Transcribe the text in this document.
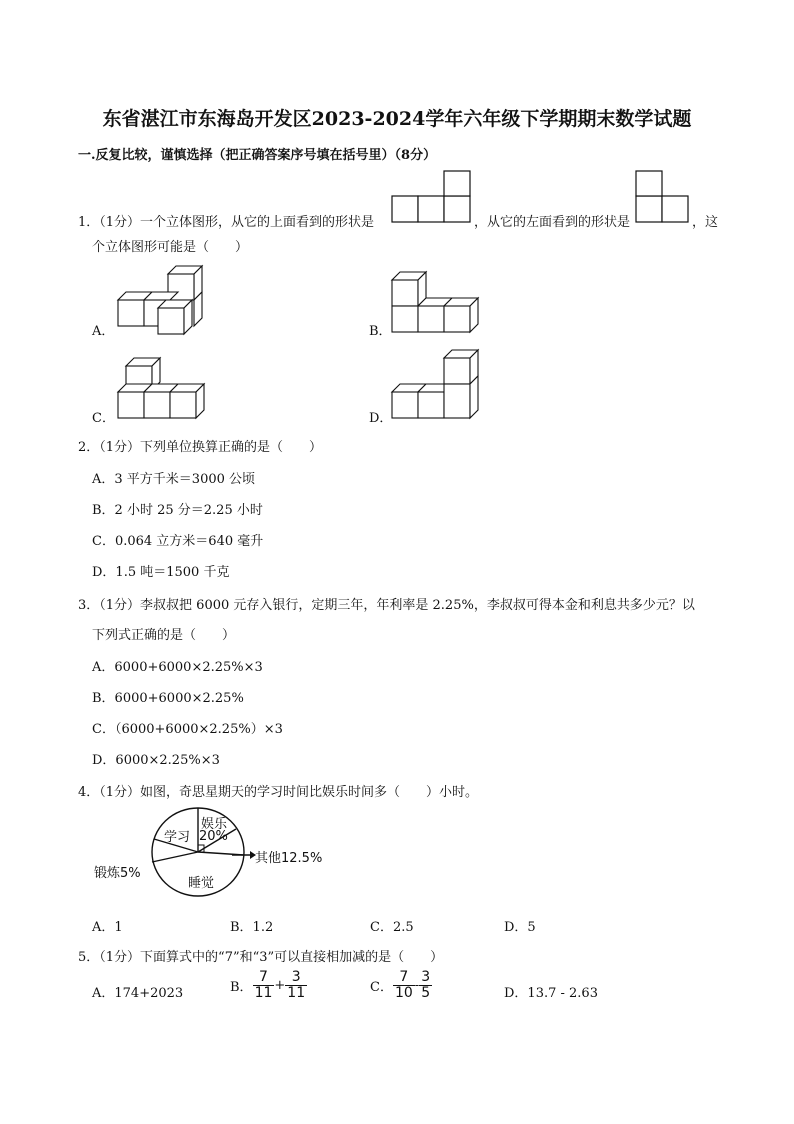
东省湛江市东海岛开发区2023-2024学年六年级下学期期末数学试题
一.反复比较，谨慎选择（把正确答案序号填在括号里）（8分）
1．（1分）一个立体图形，从它的上面看到的形状是	，从它的左面看到的形状是	，这
个立体图形可能是（　　）
A．	B．
C．	D．
2．（1分）下列单位换算正确的是（　　）
A．3 平方千米＝3000 公顷
B．2 小时 25 分＝2.25 小时
C．0.064 立方米＝640 毫升
D．1.5 吨＝1500 千克
3．（1分）李叔叔把 6000 元存入银行，定期三年，年利率是 2.25%，李叔叔可得本金和利息共多少元？以
下列式正确的是（　　）
A．6000+6000×2.25%×3
B．6000+6000×2.25%
C．（6000+6000×2.25%）×3
D．6000×2.25%×3
4．（1分）如图，奇思星期天的学习时间比娱乐时间多（　　）小时。
学习
娱乐
20%
其他12.5%
锻炼5%
睡觉
A．1	B．1.2	C．2.5	D．5
5．（1分）下面算式中的“7”和“3”可以直接相加减的是（　　）
A．174+2023	B． $\frac{7}{11} + \frac{3}{11}$	C． $\frac{7}{10} - \frac{3}{5}$	D．13.7 - 2.63
